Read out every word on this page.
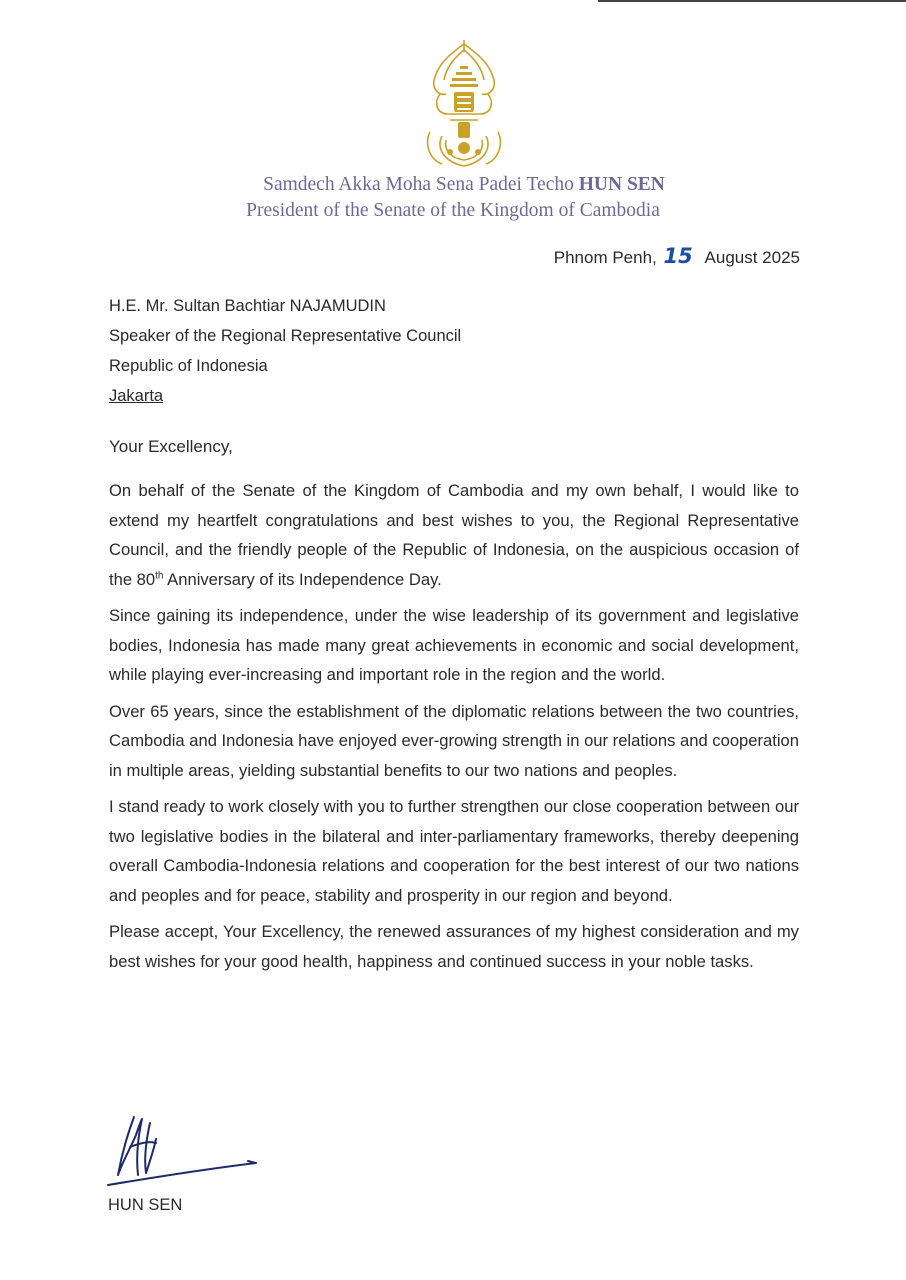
Samdech Akka Moha Sena Padei Techo HUN SEN
President of the Senate of the Kingdom of Cambodia
Phnom Penh, 15 August 2025
H.E. Mr. Sultan Bachtiar NAJAMUDIN
Speaker of the Regional Representative Council
Republic of Indonesia
Jakarta
Your Excellency,

On behalf of the Senate of the Kingdom of Cambodia and my own behalf, I would like to extend my heartfelt congratulations and best wishes to you, the Regional Representative Council, and the friendly people of the Republic of Indonesia, on the auspicious occasion of the 80th Anniversary of its Independence Day.

Since gaining its independence, under the wise leadership of its government and legislative bodies, Indonesia has made many great achievements in economic and social development, while playing ever-increasing and important role in the region and the world.

Over 65 years, since the establishment of the diplomatic relations between the two countries, Cambodia and Indonesia have enjoyed ever-growing strength in our relations and cooperation in multiple areas, yielding substantial benefits to our two nations and peoples.

I stand ready to work closely with you to further strengthen our close cooperation between our two legislative bodies in the bilateral and inter-parliamentary frameworks, thereby deepening overall Cambodia-Indonesia relations and cooperation for the best interest of our two nations and peoples and for peace, stability and prosperity in our region and beyond.

Please accept, Your Excellency, the renewed assurances of my highest consideration and my best wishes for your good health, happiness and continued success in your noble tasks.

HUN SEN
